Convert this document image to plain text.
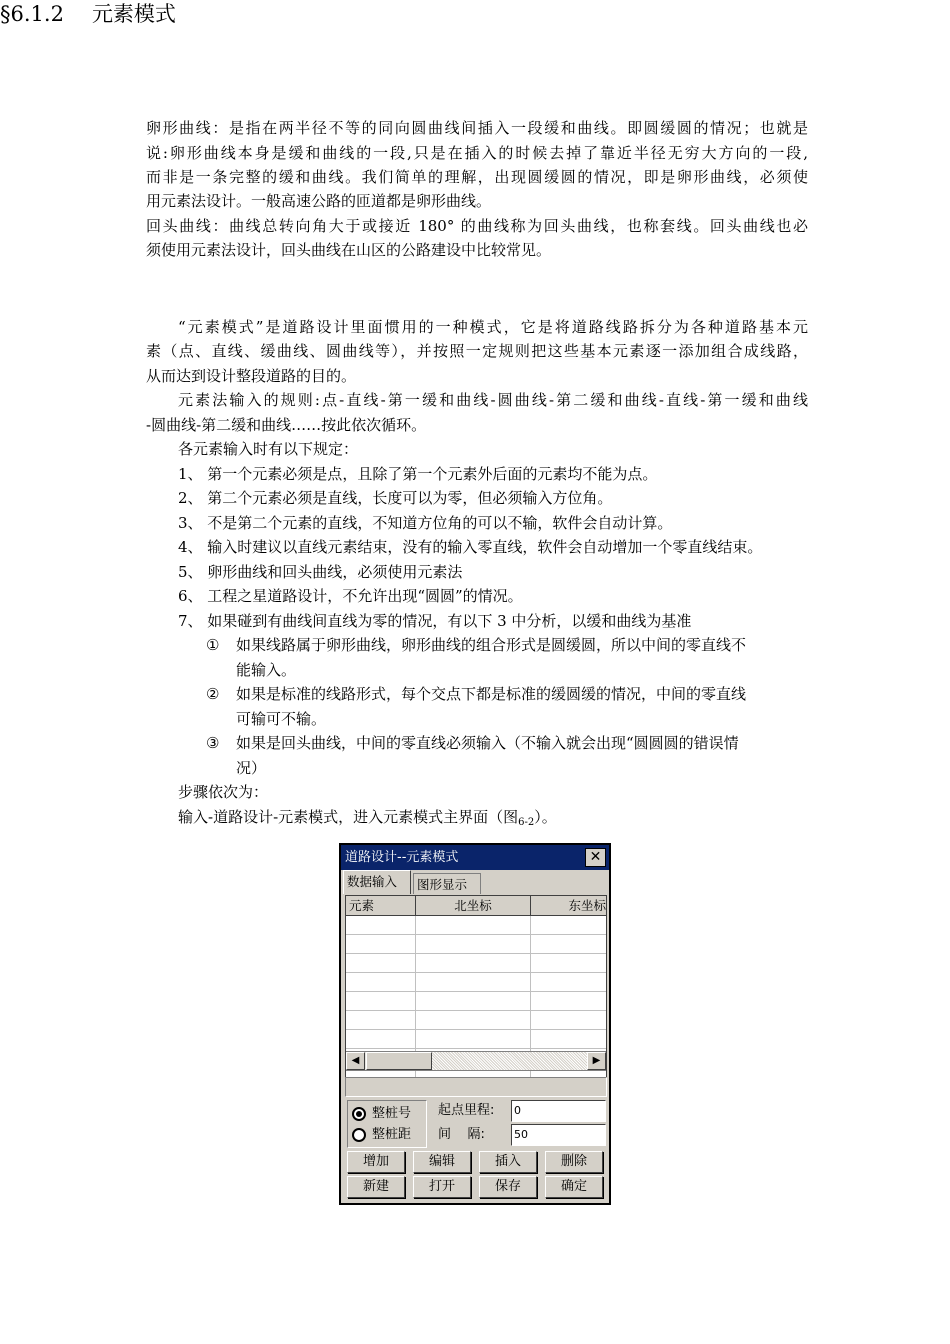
卵形曲线：是指在两半径不等的同向圆曲线间插入一段缓和曲线。即圆缓圆的情况；也就是
说:卵形曲线本身是缓和曲线的一段,只是在插入的时候去掉了靠近半径无穷大方向的一段,
而非是一条完整的缓和曲线。我们简单的理解，出现圆缓圆的情况，即是卵形曲线，必须使
用元素法设计。一般高速公路的匝道都是卵形曲线。
回头曲线：曲线总转向角大于或接近 180° 的曲线称为回头曲线，也称套线。回头曲线也必
须使用元素法设计，回头曲线在山区的公路建设中比较常见。
§6.1.2 元素模式
“元素模式”是道路设计里面惯用的一种模式，它是将道路线路拆分为各种道路基本元
素（点、直线、缓曲线、圆曲线等），并按照一定规则把这些基本元素逐一添加组合成线路，
从而达到设计整段道路的目的。
元素法输入的规则:点-直线-第一缓和曲线-圆曲线-第二缓和曲线-直线-第一缓和曲线
-圆曲线-第二缓和曲线……按此依次循环。
各元素输入时有以下规定：
1、 第一个元素必须是点，且除了第一个元素外后面的元素均不能为点。
2、 第二个元素必须是直线，长度可以为零，但必须输入方位角。
3、 不是第二个元素的直线，不知道方位角的可以不输，软件会自动计算。
4、 输入时建议以直线元素结束，没有的输入零直线，软件会自动增加一个零直线结束。
5、 卵形曲线和回头曲线，必须使用元素法
6、 工程之星道路设计，不允许出现“圆圆”的情况。
7、 如果碰到有曲线间直线为零的情况，有以下 3 中分析，以缓和曲线为基准
① 如果线路属于卵形曲线，卵形曲线的组合形式是圆缓圆，所以中间的零直线不
能输入。
② 如果是标准的线路形式，每个交点下都是标准的缓圆缓的情况，中间的零直线
可输可不输。
③ 如果是回头曲线，中间的零直线必须输入（不输入就会出现“圆圆圆的错误情
况）
步骤依次为：
输入-道路设计-元素模式，进入元素模式主界面（图$_{6-2}$）。
道路设计--元素模式	✕
图形显示
数据输入
元素	北坐标	东坐标
◀	▶
整桩号
整桩距
起点里程: 0
间    隔:	50
增加	编辑	插入	删除
新建	打开	保存	确定
